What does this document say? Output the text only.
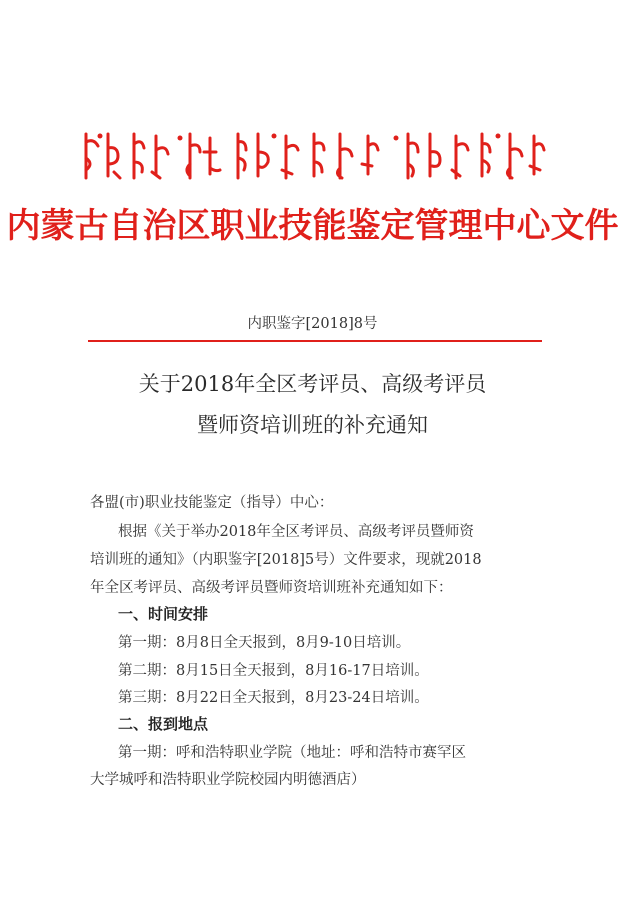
内蒙古自治区职业技能鉴定管理中心文件
内职鉴字[2018]8号
关于2018年全区考评员、高级考评员
暨师资培训班的补充通知
各盟(市)职业技能鉴定（指导）中心：
根据《关于举办2018年全区考评员、高级考评员暨师资
培训班的通知》（内职鉴字[2018]5号）文件要求，现就2018
年全区考评员、高级考评员暨师资培训班补充通知如下：
一、时间安排
第一期：8月8日全天报到，8月9-10日培训。
第二期：8月15日全天报到，8月16-17日培训。
第三期：8月22日全天报到，8月23-24日培训。
二、报到地点
第一期：呼和浩特职业学院（地址：呼和浩特市赛罕区
大学城呼和浩特职业学院校园内明德酒店）
